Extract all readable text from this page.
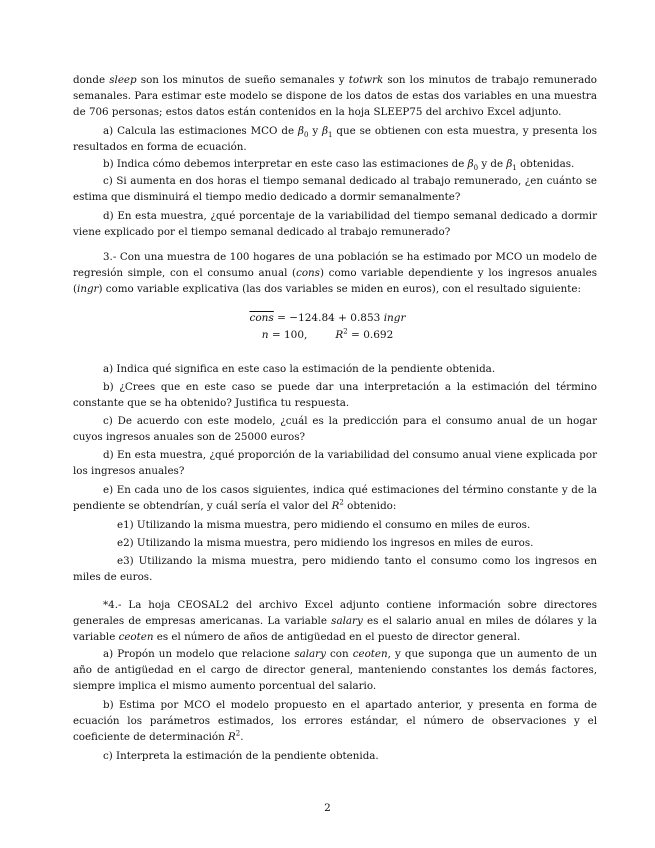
donde sleep son los minutos de sueño semanales y totwrk son los minutos de trabajo remunerado semanales. Para estimar este modelo se dispone de los datos de estas dos variables en una muestra de 706 personas; estos datos están contenidos en la hoja SLEEP75 del archivo Excel adjunto.

a) Calcula las estimaciones MCO de $\beta_0$ y $\beta_1$ que se obtienen con esta muestra, y presenta los resultados en forma de ecuación.

b) Indica cómo debemos interpretar en este caso las estimaciones de $\beta_0$ y de $\beta_1$ obtenidas.

c) Si aumenta en dos horas el tiempo semanal dedicado al trabajo remunerado, ¿en cuánto se estima que disminuirá el tiempo medio dedicado a dormir semanalmente?

d) En esta muestra, ¿qué porcentaje de la variabilidad del tiempo semanal dedicado a dormir viene explicado por el tiempo semanal dedicado al trabajo remunerado?

3.- Con una muestra de 100 hogares de una población se ha estimado por MCO un modelo de regresión simple, con el consumo anual (cons) como variable dependiente y los ingresos anuales (ingr) como variable explicativa (las dos variables se miden en euros), con el resultado siguiente:

cons = −124.84 + 0.853 ingr
n = 100,	$R^2 = 0.692$

a) Indica qué significa en este caso la estimación de la pendiente obtenida.

b) ¿Crees que en este caso se puede dar una interpretación a la estimación del término constante que se ha obtenido? Justifica tu respuesta.

c) De acuerdo con este modelo, ¿cuál es la predicción para el consumo anual de un hogar cuyos ingresos anuales son de 25000 euros?

d) En esta muestra, ¿qué proporción de la variabilidad del consumo anual viene explicada por los ingresos anuales?

e) En cada uno de los casos siguientes, indica qué estimaciones del término constante y de la pendiente se obtendrían, y cuál sería el valor del $R^2$ obtenido:

e1) Utilizando la misma muestra, pero midiendo el consumo en miles de euros.

e2) Utilizando la misma muestra, pero midiendo los ingresos en miles de euros.

e3) Utilizando la misma muestra, pero midiendo tanto el consumo como los ingresos en miles de euros.

*4.- La hoja CEOSAL2 del archivo Excel adjunto contiene información sobre directores generales de empresas americanas. La variable salary es el salario anual en miles de dólares y la variable ceoten es el número de años de antigüedad en el puesto de director general.

a) Propón un modelo que relacione salary con ceoten, y que suponga que un aumento de un año de antigüedad en el cargo de director general, manteniendo constantes los demás factores, siempre implica el mismo aumento porcentual del salario.

b) Estima por MCO el modelo propuesto en el apartado anterior, y presenta en forma de ecuación los parámetros estimados, los errores estándar, el número de observaciones y el coeficiente de determinación $R^2$.

c) Interpreta la estimación de la pendiente obtenida.

2
